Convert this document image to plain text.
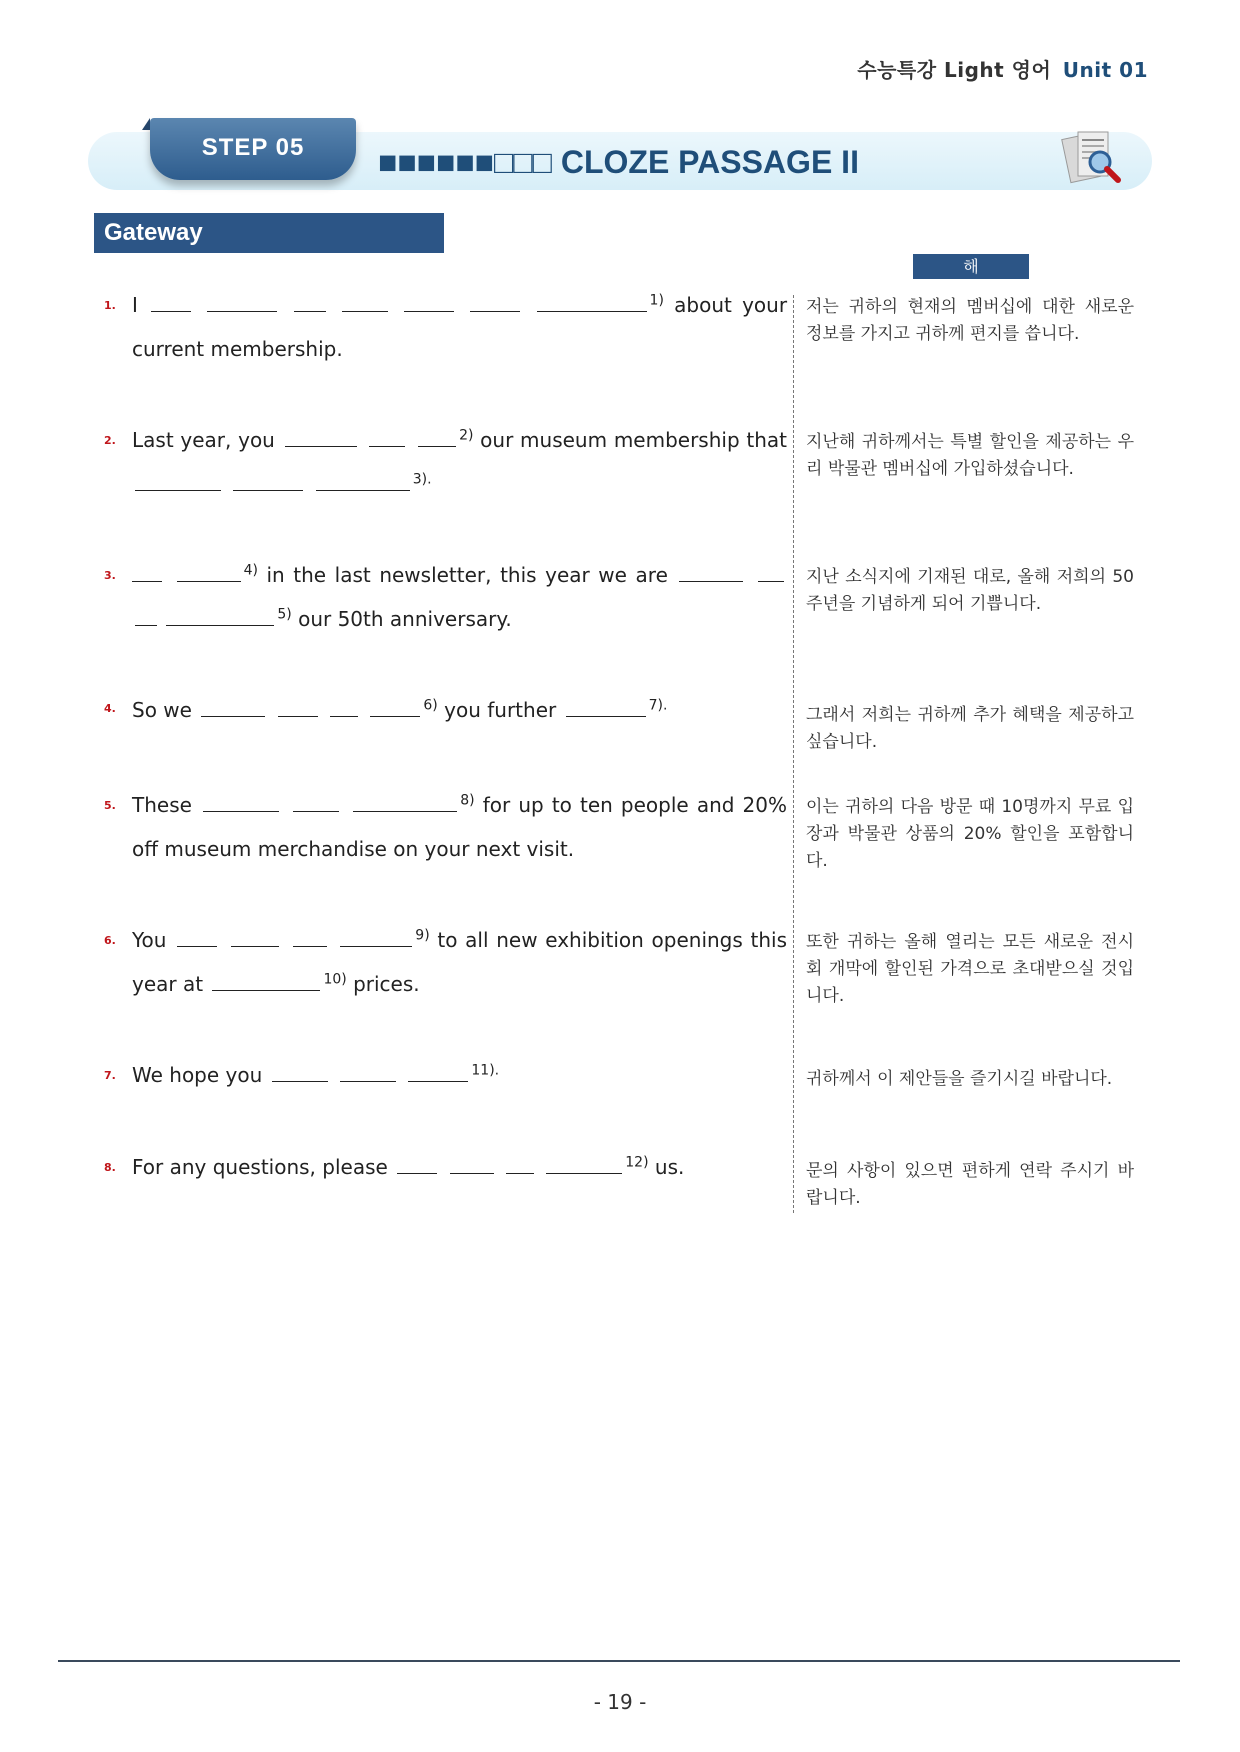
수능특강 Light 영어 Unit 01
STEP 05	■■■■■■□□□ CLOZE PASSAGE II
Gateway
해 석
1. I	$^{1)}$ about your current membership.
저는 귀하의 현재의 멤버십에 대한 새로운 정보를 가지고 귀하께 편지를 씁니다.
2. Last year, you	$^{2)}$ our museum membership that   $^{3).}$
지난해 귀하께서는 특별 할인을 제공하는 우리 박물관 멤버십에 가입하셨습니다.
3.	$^{4)}$ in the last newsletter, this year we are    $^{5)}$ our 50th anniversary.
지난 소식지에 기재된 대로, 올해 저희의 50주년을 기념하게 되어 기쁩니다.
4. So we	$^{6)}$ you further	$^{7).}$	그래서 저희는 귀하께 추가 혜택을 제공하고 싶습니다.
5. These	$^{8)}$ for up to ten people and 20% off museum merchandise on your next visit.
이는 귀하의 다음 방문 때 10명까지 무료 입장과 박물관 상품의 20% 할인을 포함합니다.
6. You	$^{9)}$ to all new exhibition openings this year at	$^{10)}$ prices.
또한 귀하는 올해 열리는 모든 새로운 전시회 개막에 할인된 가격으로 초대받으실 것입니다.
7. We hope you	$^{11).}$	귀하께서 이 제안들을 즐기시길 바랍니다.
8. For any questions, please	$^{12)}$ us.	문의 사항이 있으면 편하게 연락 주시기 바랍니다.
- 19 -
